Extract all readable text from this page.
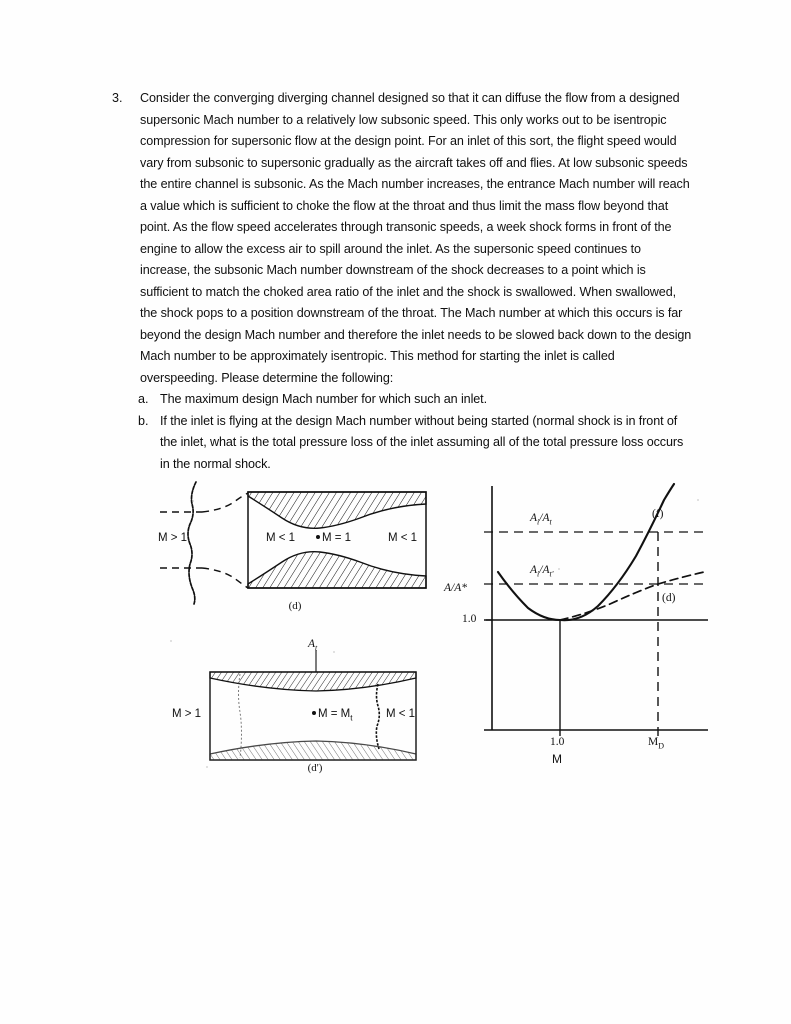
3.	Consider the converging diverging channel designed so that it can diffuse the flow from a designed supersonic Mach number to a relatively low subsonic speed. This only works out to be isentropic compression for supersonic flow at the design point. For an inlet of this sort, the flight speed would vary from subsonic to supersonic gradually as the aircraft takes off and flies. At low subsonic speeds the entire channel is subsonic. As the Mach number increases, the entrance Mach number will reach a value which is sufficient to choke the flow at the throat and thus limit the mass flow beyond that point. As the flow speed accelerates through transonic speeds, a week shock forms in front of the engine to allow the excess air to spill around the inlet. As the supersonic speed continues to increase, the subsonic Mach number downstream of the shock decreases to a point which is sufficient to match the choked area ratio of the inlet and the shock is swallowed. When swallowed, the shock pops to a position downstream of the throat. The Mach number at which this occurs is far beyond the design Mach number and therefore the inlet needs to be slowed back down to the design Mach number to be approximately isentropic. This method for starting the inlet is called overspeeding. Please determine the following:
a. The maximum design Mach number for which such an inlet.
b. If the inlet is flying at the design Mach number without being started (normal shock is in front of the inlet, what is the total pressure loss of the inlet assuming all of the total pressure loss occurs in the normal shock.
M > 1	M < 1	M = 1	M < 1
(d)
$A_t$
M > 1	$M = M_t$	M < 1
(d')
A/A*
1.0
1.0	$M_D$
M
$A_i/A_t$
$A_i/A_{t'}$
(f)
(d)
